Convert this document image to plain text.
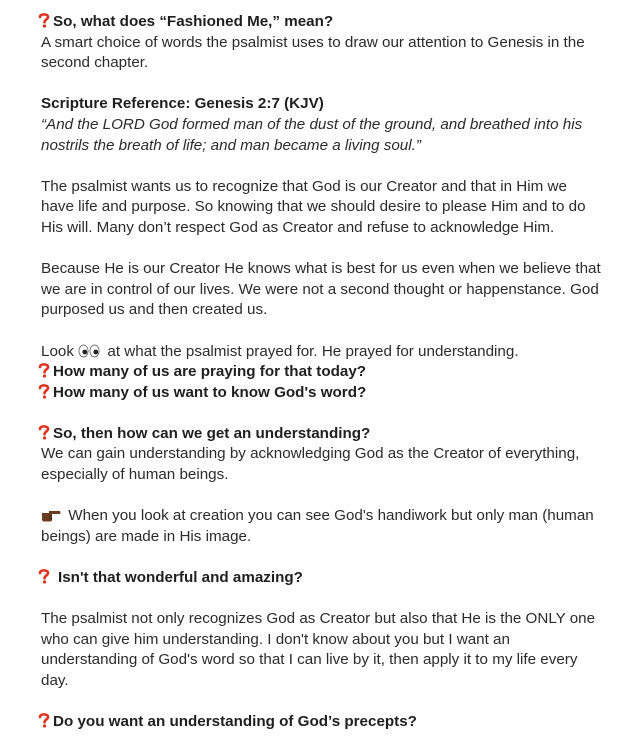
So, what does “Fashioned Me,” mean?
A smart choice of words the psalmist uses to draw our attention to Genesis in the
second chapter.
Scripture Reference: Genesis 2:7 (KJV)
“And the LORD God formed man of the dust of the ground, and breathed into his
nostrils the breath of life; and man became a living soul.”
The psalmist wants us to recognize that God is our Creator and that in Him we
have life and purpose. So knowing that we should desire to please Him and to do
His will. Many don’t respect God as Creator and refuse to acknowledge Him.
Because He is our Creator He knows what is best for us even when we believe that
we are in control of our lives. We were not a second thought or happenstance. God
purposed us and then created us.
Look at what the psalmist prayed for. He prayed for understanding.
How many of us are praying for that today?
How many of us want to know God's word?
So, then how can we get an understanding?
We can gain understanding by acknowledging God as the Creator of everything,
especially of human beings.
When you look at creation you can see God's handiwork but only man (human
beings) are made in His image.
Isn't that wonderful and amazing?
The psalmist not only recognizes God as Creator but also that He is the ONLY one
who can give him understanding. I don't know about you but I want an
understanding of God's word so that I can live by it, then apply it to my life every
day.
Do you want an understanding of God’s precepts?
